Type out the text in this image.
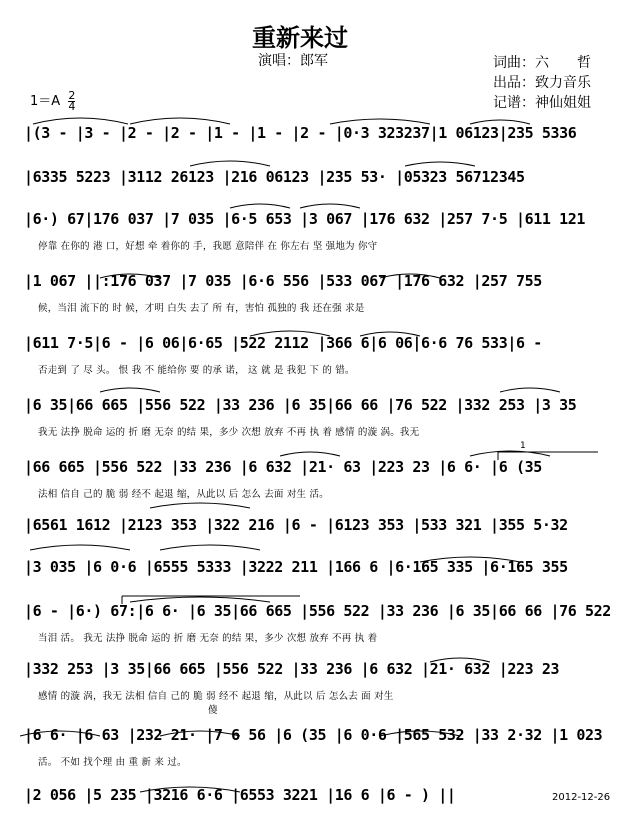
重新来过
演唱：郎军	词曲：六　　哲
出品：致力音乐
记谱：神仙姐姐
$1=A \frac{2}{4}$
1
|(3 - |3 - |2 - |2 - |1 - |1 - |2 - |0·3 323237|1 06123|235 5336
|6335 5223 |3112 26123 |216 06123 |235 53· |05323 56712345
|6·) 67|176 037 |7 035 |6·5 653 |3 067 |176 632 |257 7·5 |611 121
停靠 在你的 港 口，好想 牵 着你的 手，我愿 意陪伴 在 你左右 坚 强地为 你守
|1 067 ||:176 037 |7 035 |6·6 556 |533 067 |176 632 |257 755
候，当泪 流下的 时 候，才明 白失 去了 所 有，害怕 孤独的 我 还在强 求是
|611 7·5|6 - |6 06|6·65 |522 2112 |366 6|6 06|6·6 76 533|6 -
否走到 了 尽 头。 恨 我 不 能给你 要 的承 诺， 这 就 是 我犯 下 的 错。
|6 35|66 665 |556 522 |33 236 |6 35|66 66 |76 522 |332 253 |3 35
我无 法挣 脱命 运的 折 磨 无奈 的结 果，多少 次想 放弃 不再 执 着 感情 的漩 涡。我无
|66 665 |556 522 |33 236 |6 632 |21· 63 |223 23 |6 6· |6 (35
法相 信自 己的 脆 弱 经不 起退 缩，从此以 后 怎么 去面 对生 活。
|6561 1612 |2123 353 |322 216 |6 - |6123 353 |533 321 |355 5·32
|3 035 |6 0·6 |6555 5333 |3222 211 |166 6 |6·165 335 |6·165 355
|6 - |6·) 67:|6 6· |6 35|66 665 |556 522 |33 236 |6 35|66 66 |76 522
当泪 活。 我无 法挣 脱命 运的 折 磨 无奈 的结 果，多少 次想 放弃 不再 执 着
|332 253 |3 35|66 665 |556 522 |33 236 |6 632 |21· 632 |223 23
感情 的漩 涡，我无 法相 信自 己的 脆 弱 经不 起退 缩，从此以 后 怎么去 面 对生
傻
|6 6· |6 63 |232 21· |7 6 56 |6 (35 |6 0·6 |565 532 |33 2·32 |1 023
活。 不如 找个理 由 重 新 来 过。
|2 056 |5 235 |3216 6·6 |6553 3221 |16 6 |6 - ) ||	2012-12-26
